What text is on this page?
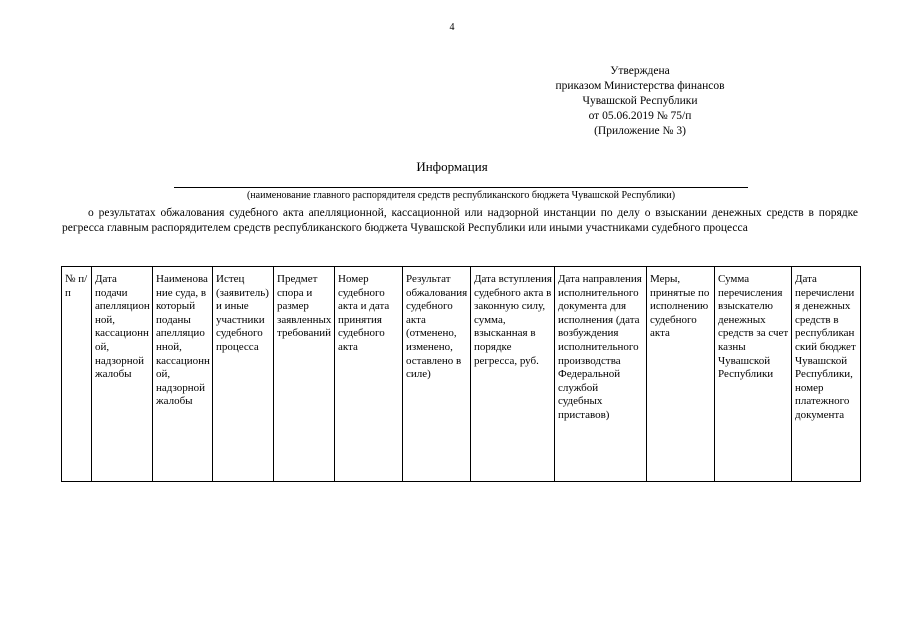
4
Утверждена
приказом Министерства финансов
Чувашской Республики
от 05.06.2019 № 75/п
(Приложение № 3)
Информация
(наименование главного распорядителя средств республиканского бюджета Чувашской Республики)
о результатах обжалования судебного акта апелляционной, кассационной или надзорной инстанции по делу о взыскании денежных средств в порядке регресса главным распорядителем средств республиканского бюджета Чувашской Республики или иными участниками судебного процесса
№ п/п	Дата подачи апелляционной, кассационной, надзорной жалобы	Наименование суда, в который поданы апелляционной, кассационной, надзорной жалобы	Истец (заявитель) и иные участники судебного процесса	Предмет спора и размер заявленных требований	Номер судебного акта и дата принятия судебного акта	Результат обжалования судебного акта (отменено, изменено, оставлено в силе)	Дата вступления судебного акта в законную силу, сумма, взысканная в порядке регресса, руб.	Дата направления исполнительного документа для исполнения (дата возбуждения исполнительного производства Федеральной службой судебных приставов)	Меры, принятые по исполнению судебного акта	Сумма перечисления взыскателю денежных средств за счет казны Чувашской Республики	Дата перечисления денежных средств в республиканский бюджет Чувашской Республики, номер платежного документа
